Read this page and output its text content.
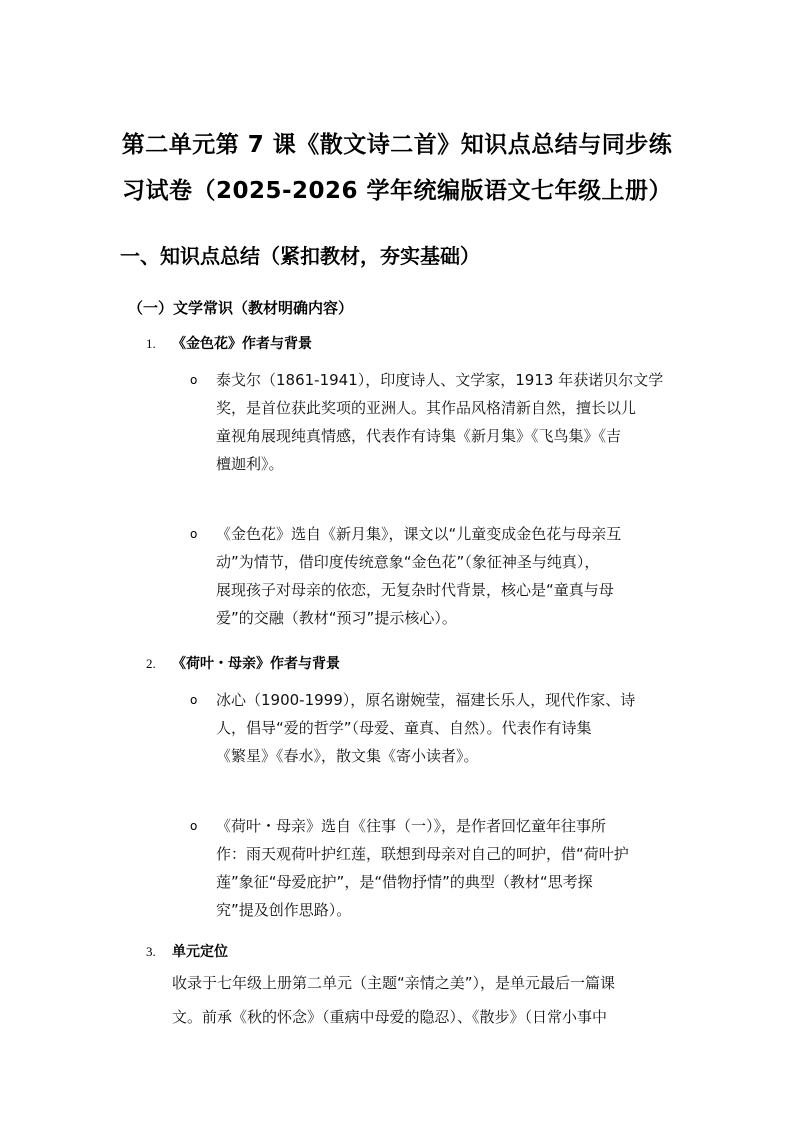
第二单元第 7 课《散文诗二首》知识点总结与同步练
习试卷（2025-2026 学年统编版语文七年级上册）
一、知识点总结（紧扣教材，夯实基础）
（一）文学常识（教材明确内容）
1. 《金色花》作者与背景
o 泰戈尔（1861-1941），印度诗人、文学家，1913 年获诺贝尔文学
奖，是首位获此奖项的亚洲人。其作品风格清新自然，擅长以儿
童视角展现纯真情感，代表作有诗集《新月集》《飞鸟集》《吉
檀迦利》。
o 《金色花》选自《新月集》，课文以“儿童变成金色花与母亲互
动”为情节，借印度传统意象“金色花”（象征神圣与纯真），
展现孩子对母亲的依恋，无复杂时代背景，核心是“童真与母
爱”的交融（教材“预习”提示核心）。
2. 《荷叶・母亲》作者与背景
o 冰心（1900-1999），原名谢婉莹，福建长乐人，现代作家、诗
人，倡导“爱的哲学”（母爱、童真、自然）。代表作有诗集
《繁星》《春水》，散文集《寄小读者》。
o 《荷叶・母亲》选自《往事（一）》，是作者回忆童年往事所
作：雨天观荷叶护红莲，联想到母亲对自己的呵护，借“荷叶护
莲”象征“母爱庇护”，是“借物抒情”的典型（教材“思考探
究”提及创作思路）。
3. 单元定位
收录于七年级上册第二单元（主题“亲情之美”），是单元最后一篇课
文。前承《秋的怀念》（重病中母爱的隐忍）、《散步》（日常小事中
